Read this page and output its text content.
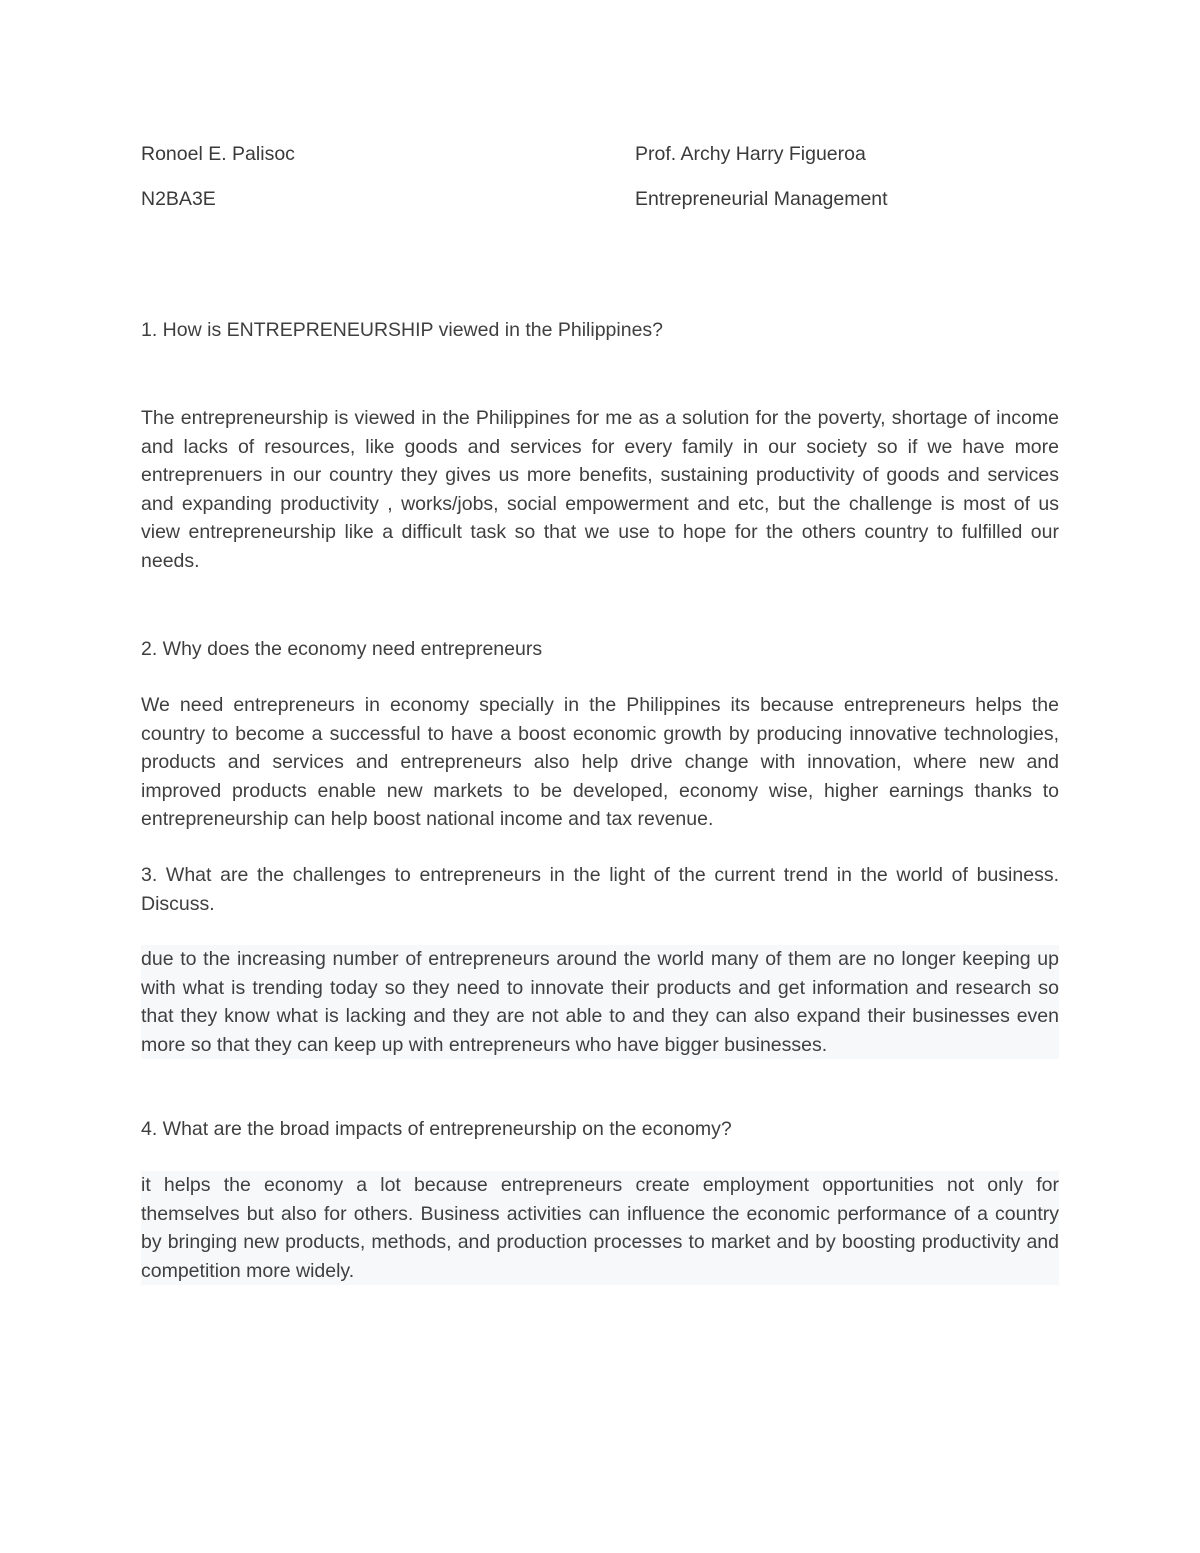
Ronoel E. Palisoc	Prof. Archy Harry Figueroa
N2BA3E	Entrepreneurial Management
1. How is ENTREPRENEURSHIP viewed in the Philippines?
The entrepreneurship is viewed in the Philippines for me as a solution for the poverty, shortage of income and lacks of resources, like goods and services for every family in our society so if we have more entreprenuers in our country they gives us more benefits, sustaining productivity of goods and services and expanding productivity , works/jobs, social empowerment and etc, but the challenge is most of us view entrepreneurship like a difficult task so that we use to hope for the others country to fulfilled our needs.
2. Why does the economy need entrepreneurs
We need entrepreneurs in economy specially in the Philippines its because entrepreneurs helps the country to become a successful to have a boost economic growth by producing innovative technologies, products and services and entrepreneurs also help drive change with innovation, where new and improved products enable new markets to be developed, economy wise, higher earnings thanks to entrepreneurship can help boost national income and tax revenue.
3. What are the challenges to entrepreneurs in the light of the current trend in the world of business. Discuss.
due to the increasing number of entrepreneurs around the world many of them are no longer keeping up with what is trending today so they need to innovate their products and get information and research so that they know what is lacking and they are not able to and they can also expand their businesses even more so that they can keep up with entrepreneurs who have bigger businesses.
4. What are the broad impacts of entrepreneurship on the economy?
it helps the economy a lot because entrepreneurs create employment opportunities not only for themselves but also for others. Business activities can influence the economic performance of a country by bringing new products, methods, and production processes to market and by boosting productivity and competition more widely.
